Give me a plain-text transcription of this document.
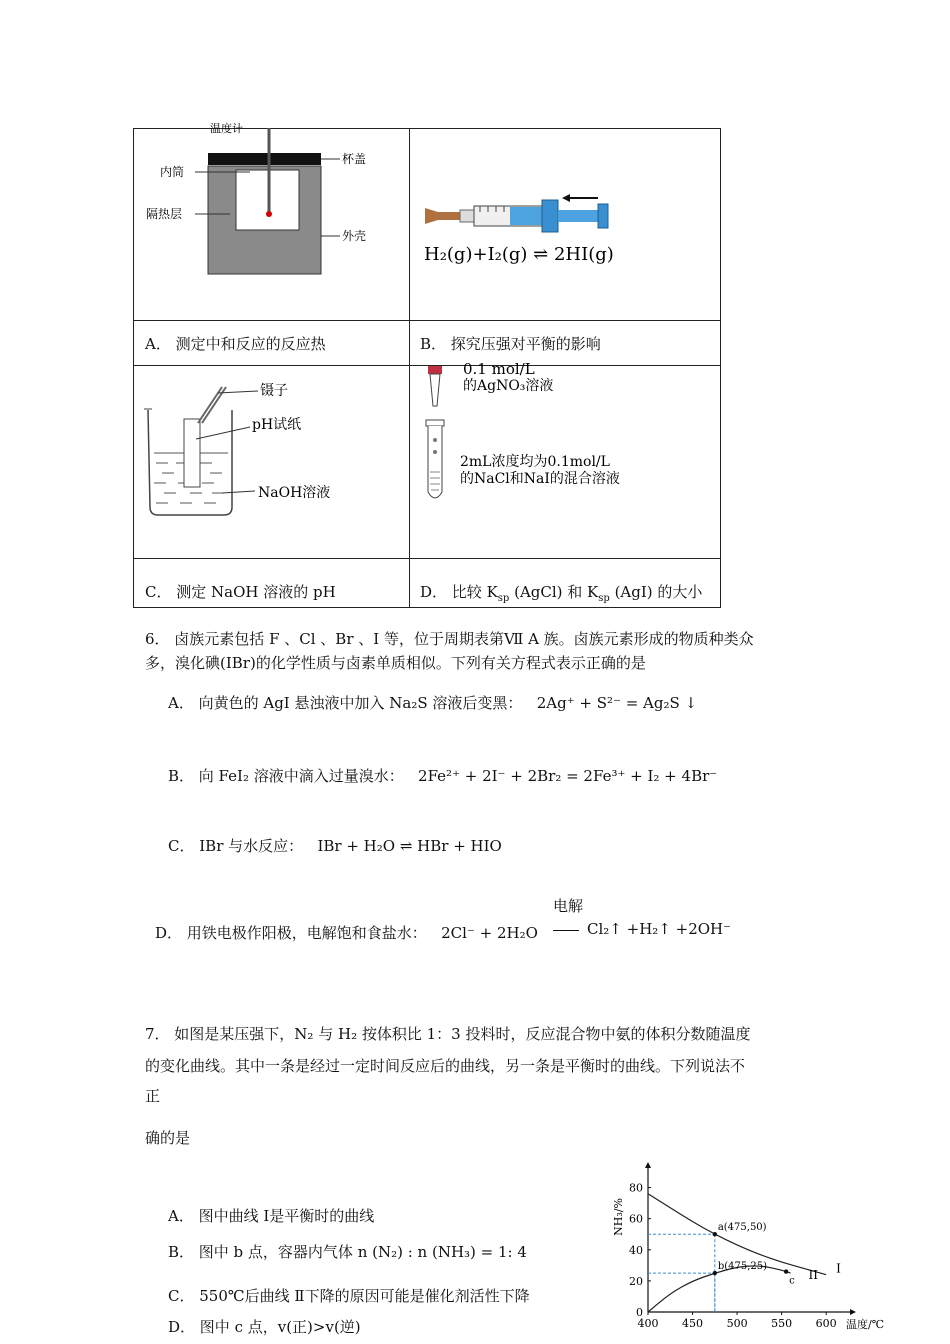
温度计
杯盖
内筒
隔热层
外壳
H₂(g)+I₂(g) ⇌ 2HI(g)
镊子
pH试纸
NaOH溶液
0.1 mol/L
的AgNO₃溶液
2mL浓度均为0.1mol/L
的NaCl和NaI的混合溶液
A． 测定中和反应的反应热	B． 探究压强对平衡的影响
C． 测定 NaOH 溶液的 pH	D． 比较 $K_{sp}$ (AgCl) 和 $K_{sp}$ (AgI) 的大小
6． 卤族元素包括 F 、Cl 、Br 、I 等，位于周期表第Ⅶ A 族。卤族元素形成的物质种类众
多，溴化碘(IBr)的化学性质与卤素单质相似。下列有关方程式表示正确的是
A． 向黄色的 AgI 悬浊液中加入 Na₂S 溶液后变黑： 2Ag⁺ + S²⁻ = Ag₂S ↓
B． 向 FeI₂ 溶液中滴入过量溴水： 2Fe²⁺ + 2I⁻ + 2Br₂ = 2Fe³⁺ + I₂ + 4Br⁻
C． IBr 与水反应： IBr + H₂O ⇌ HBr + HIO
电解
D． 用铁电极作阳极，电解饱和食盐水： 2Cl⁻ + 2H₂O	Cl₂↑ +H₂↑ +2OH⁻
7． 如图是某压强下，N₂ 与 H₂ 按体积比 1：3 投料时，反应混合物中氨的体积分数随温度
的变化曲线。其中一条是经过一定时间反应后的曲线，另一条是平衡时的曲线。下列说法不
正
确的是
A． 图中曲线 Ⅰ是平衡时的曲线
B． 图中 b 点，容器内气体 n (N₂) : n (NH₃) = 1: 4
C． 550℃后曲线 Ⅱ下降的原因可能是催化剂活性下降
D． 图中 c 点，v(正)>v(逆)	400 450 500 550 600
0
20
40
60
80
NH₃/%
温度/℃
I
II
a(475,50)
b(475,25)
c
